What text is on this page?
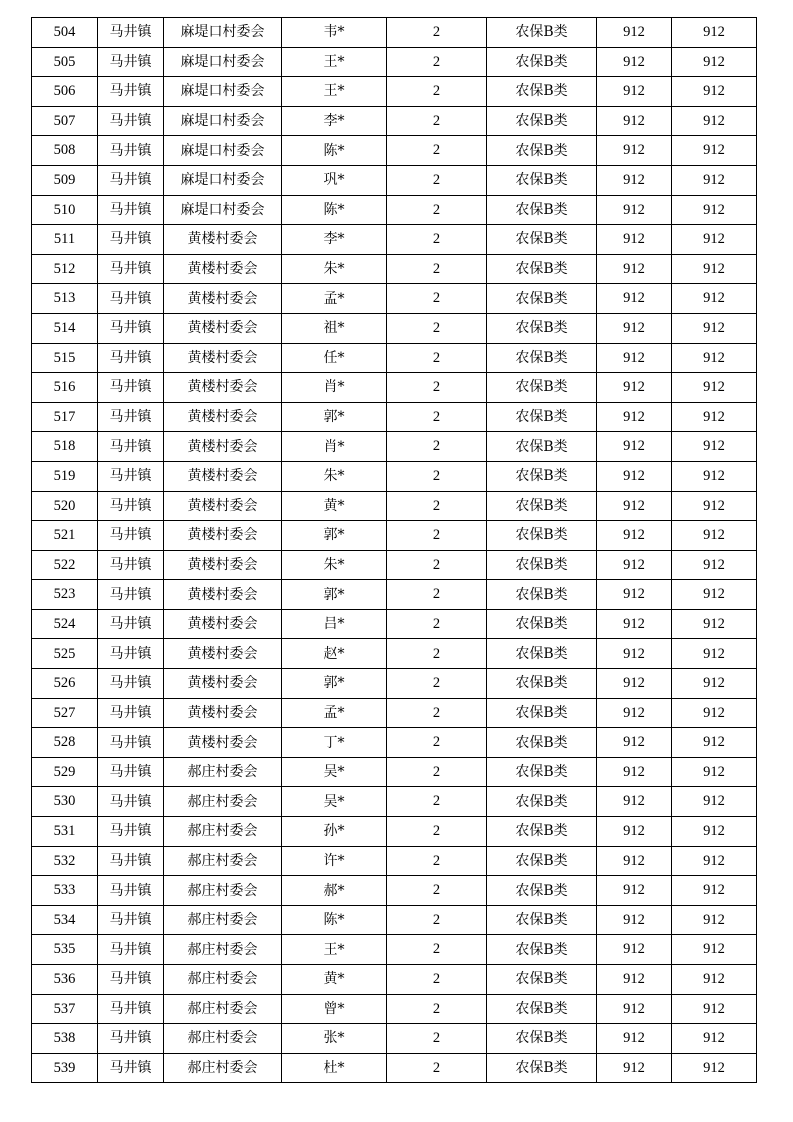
504	马井镇	麻堤口村委会	韦*	2	农保B类	912	912
505	马井镇	麻堤口村委会	王*	2	农保B类	912	912
506	马井镇	麻堤口村委会	王*	2	农保B类	912	912
507	马井镇	麻堤口村委会	李*	2	农保B类	912	912
508	马井镇	麻堤口村委会	陈*	2	农保B类	912	912
509	马井镇	麻堤口村委会	巩*	2	农保B类	912	912
510	马井镇	麻堤口村委会	陈*	2	农保B类	912	912
511	马井镇	黄楼村委会	李*	2	农保B类	912	912
512	马井镇	黄楼村委会	朱*	2	农保B类	912	912
513	马井镇	黄楼村委会	孟*	2	农保B类	912	912
514	马井镇	黄楼村委会	祖*	2	农保B类	912	912
515	马井镇	黄楼村委会	任*	2	农保B类	912	912
516	马井镇	黄楼村委会	肖*	2	农保B类	912	912
517	马井镇	黄楼村委会	郭*	2	农保B类	912	912
518	马井镇	黄楼村委会	肖*	2	农保B类	912	912
519	马井镇	黄楼村委会	朱*	2	农保B类	912	912
520	马井镇	黄楼村委会	黄*	2	农保B类	912	912
521	马井镇	黄楼村委会	郭*	2	农保B类	912	912
522	马井镇	黄楼村委会	朱*	2	农保B类	912	912
523	马井镇	黄楼村委会	郭*	2	农保B类	912	912
524	马井镇	黄楼村委会	吕*	2	农保B类	912	912
525	马井镇	黄楼村委会	赵*	2	农保B类	912	912
526	马井镇	黄楼村委会	郭*	2	农保B类	912	912
527	马井镇	黄楼村委会	孟*	2	农保B类	912	912
528	马井镇	黄楼村委会	丁*	2	农保B类	912	912
529	马井镇	郝庄村委会	吴*	2	农保B类	912	912
530	马井镇	郝庄村委会	吴*	2	农保B类	912	912
531	马井镇	郝庄村委会	孙*	2	农保B类	912	912
532	马井镇	郝庄村委会	许*	2	农保B类	912	912
533	马井镇	郝庄村委会	郝*	2	农保B类	912	912
534	马井镇	郝庄村委会	陈*	2	农保B类	912	912
535	马井镇	郝庄村委会	王*	2	农保B类	912	912
536	马井镇	郝庄村委会	黄*	2	农保B类	912	912
537	马井镇	郝庄村委会	曾*	2	农保B类	912	912
538	马井镇	郝庄村委会	张*	2	农保B类	912	912
539	马井镇	郝庄村委会	杜*	2	农保B类	912	912
